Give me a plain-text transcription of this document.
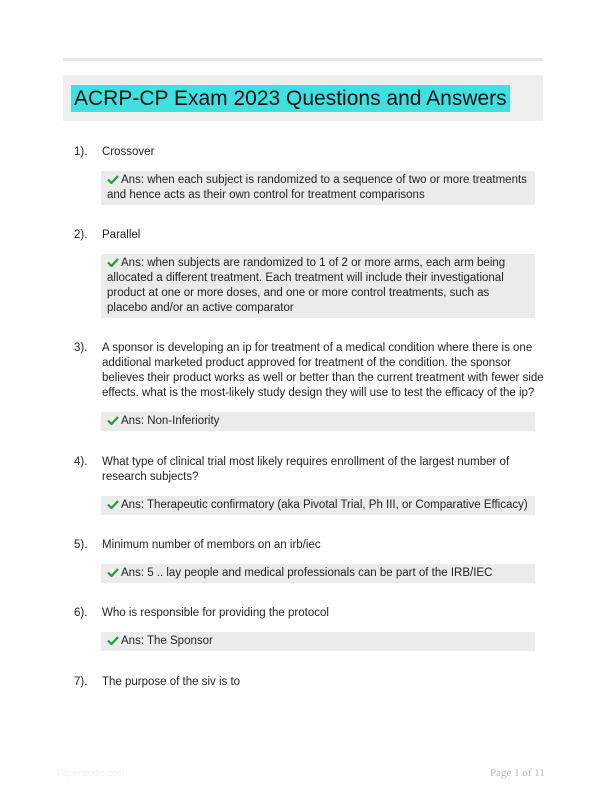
ACRP-CP Exam 2023 Questions and Answers
1).	Crossover
Ans: when each subject is randomized to a sequence of two or more treatments and hence acts as their own control for treatment comparisons
2).	Parallel
Ans: when subjects are randomized to 1 of 2 or more arms, each arm being allocated a different treatment. Each treatment will include their investigational product at one or more doses, and one or more control treatments, such as placebo and/or an active comparator
3).	A sponsor is developing an ip for treatment of a medical condition where there is one additional marketed product approved for treatment of the condition. the sponsor believes their product works as well or better than the current treatment with fewer side effects. what is the most-likely study design they will use to test the efficacy of the ip?
Ans: Non-Inferiority
4).	What type of clinical trial most likely requires enrollment of the largest number of research subjects?
Ans: Therapeutic confirmatory (aka Pivotal Trial, Ph III, or Comparative Efficacy)
5).	Minimum number of membors on an irb/iec
Ans: 5 .. lay people and medical professionals can be part of the IRB/IEC
6).	Who is responsible for providing the protocol
Ans: The Sponsor
7).	The purpose of the siv is to
Paperstudio.com	Page 1 of 11
